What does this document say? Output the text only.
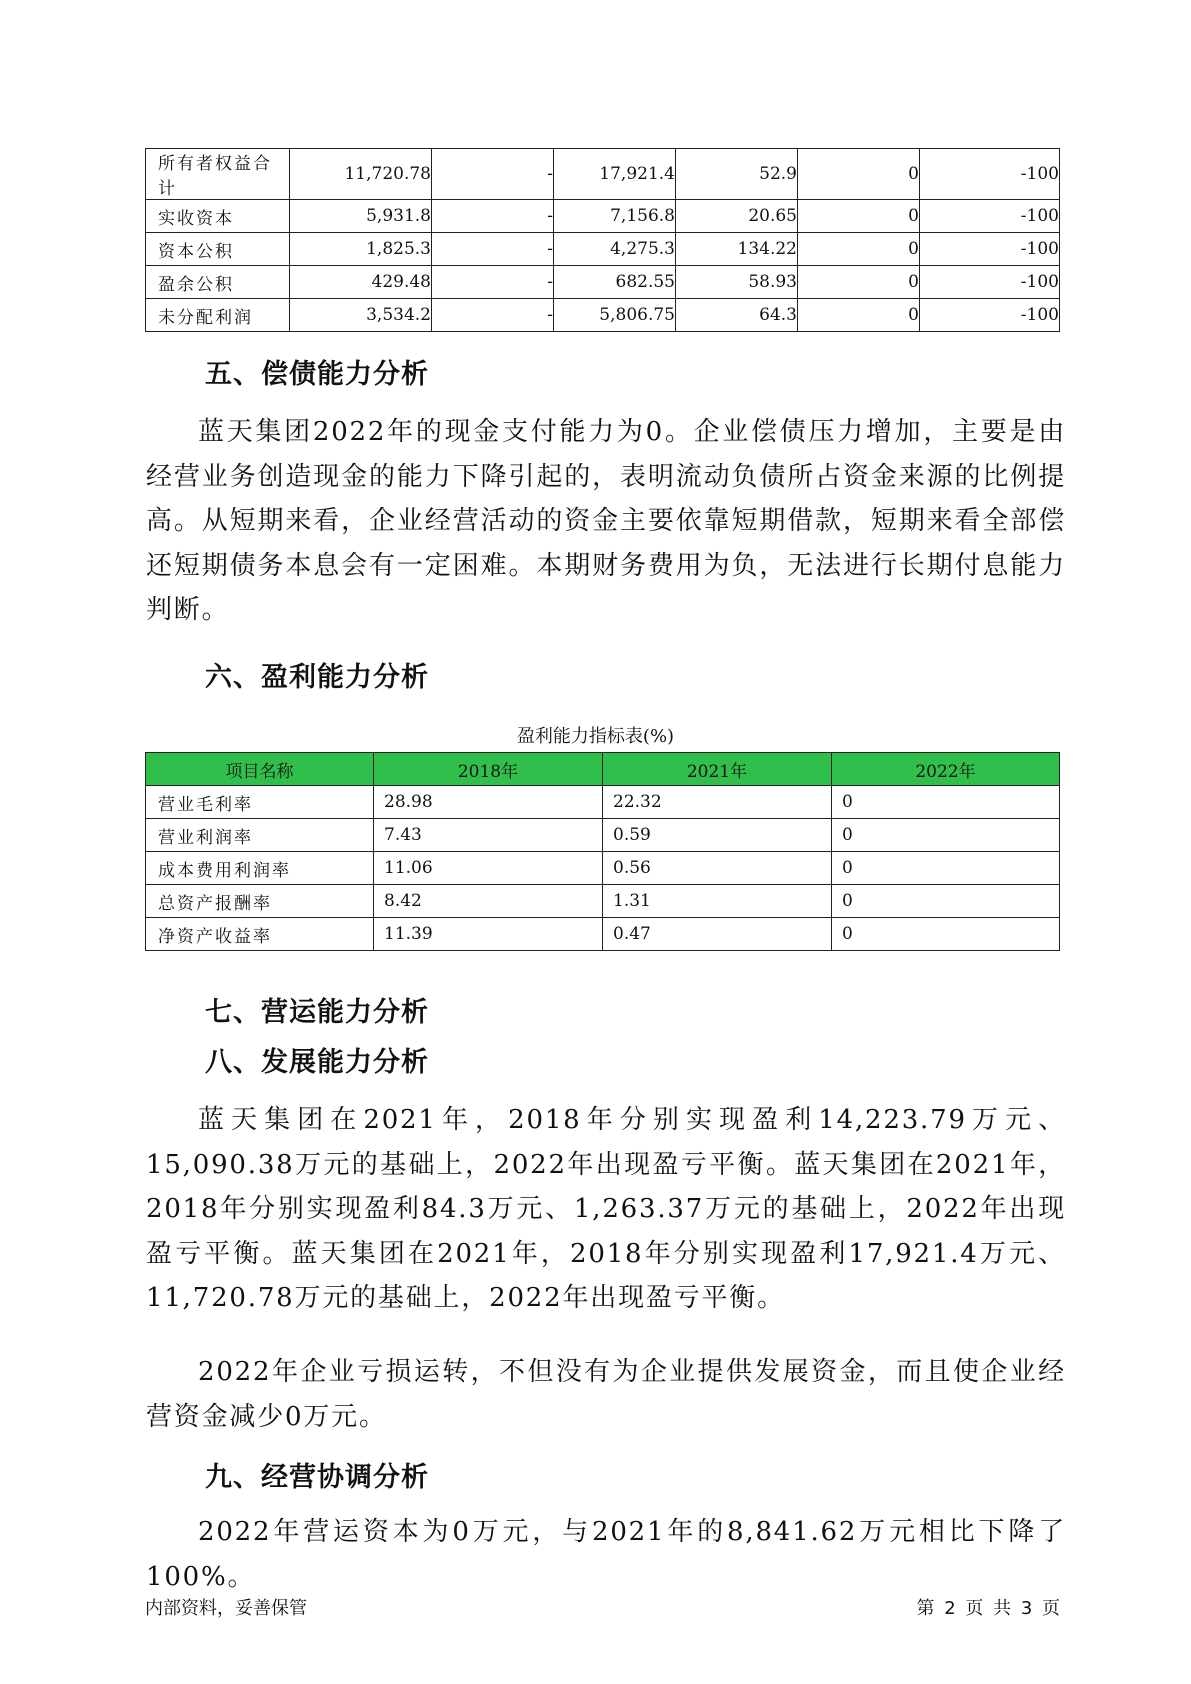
所有者权益合计	11,720.78	-	17,921.4	52.9	0	-100
实收资本	5,931.8	-	7,156.8	20.65	0	-100
资本公积	1,825.3	-	4,275.3	134.22	0	-100
盈余公积	429.48	-	682.55	58.93	0	-100
未分配利润	3,534.2	-	5,806.75	64.3	0	-100
五、偿债能力分析

蓝天集团2022年的现金支付能力为0。企业偿债压力增加，主要是由经营业务创造现金的能力下降引起的，表明流动负债所占资金来源的比例提高。从短期来看，企业经营活动的资金主要依靠短期借款，短期来看全部偿还短期债务本息会有一定困难。本期财务费用为负，无法进行长期付息能力判断。

六、盈利能力分析

盈利能力指标表(%)

项目名称	2018年	2021年	2022年
营业毛利率	28.98	22.32	0
营业利润率	7.43	0.59	0
成本费用利润率	11.06	0.56	0
总资产报酬率	8.42	1.31	0
净资产收益率	11.39	0.47	0
七、营运能力分析
八、发展能力分析

蓝天集团在2021年，2018年分别实现盈利14,223.79万元、15,090.38万元的基础上，2022年出现盈亏平衡。蓝天集团在2021年，2018年分别实现盈利84.3万元、1,263.37万元的基础上，2022年出现盈亏平衡。蓝天集团在2021年，2018年分别实现盈利17,921.4万元、11,720.78万元的基础上，2022年出现盈亏平衡。

2022年企业亏损运转，不但没有为企业提供发展资金，而且使企业经营资金减少0万元。

九、经营协调分析

2022年营运资本为0万元，与2021年的8,841.62万元相比下降了100%。

内部资料，妥善保管	第 2 页 共 3 页
